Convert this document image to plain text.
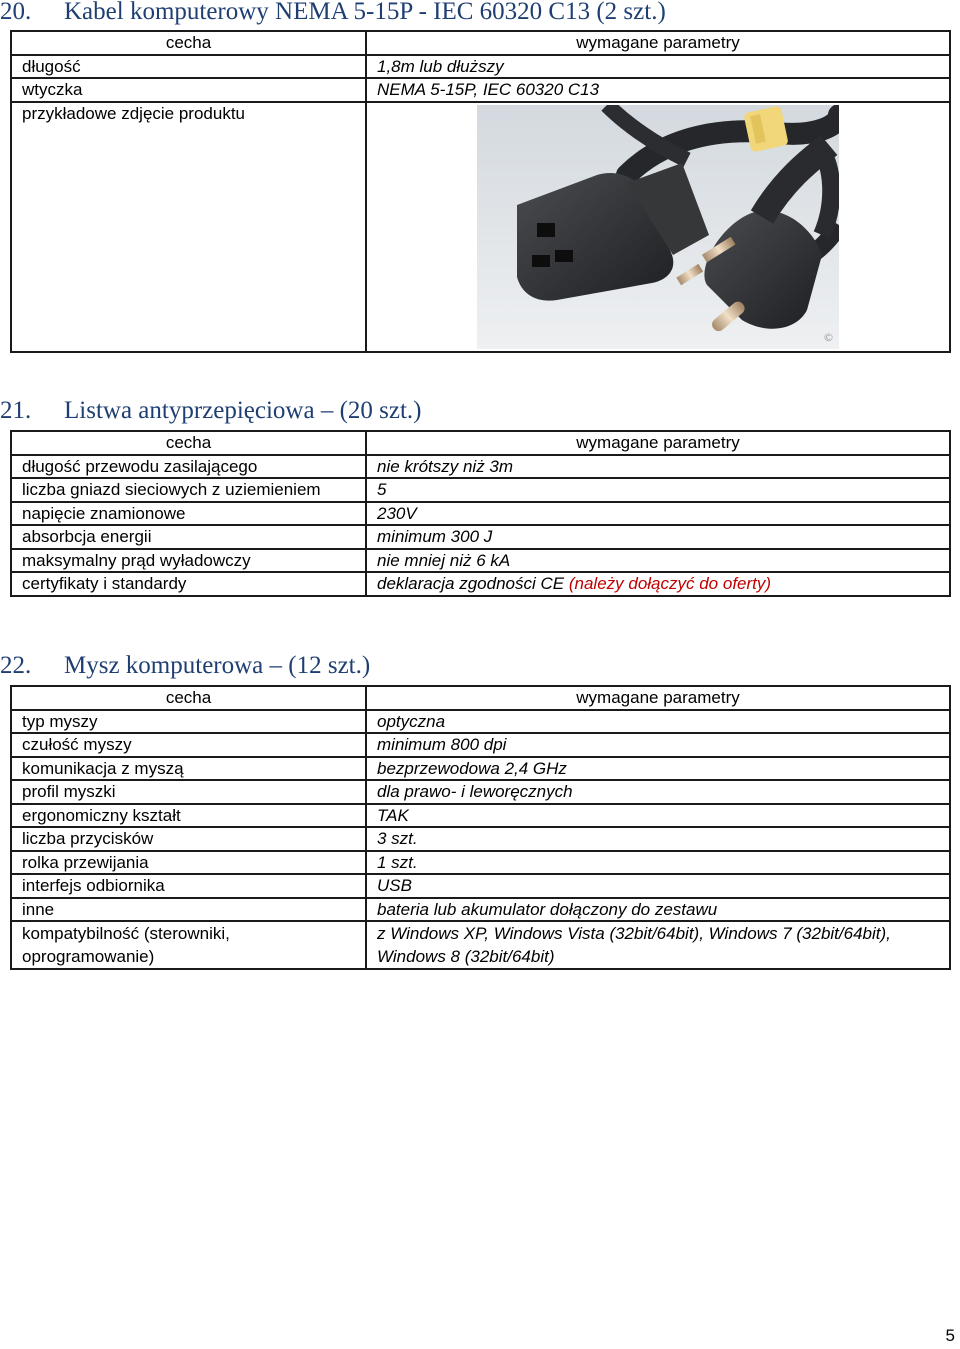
20. Kabel komputerowy NEMA 5-15P - IEC 60320 C13 (2 szt.)
cecha	wymagane parametry
długość	1,8m lub dłuższy
wtyczka	NEMA 5-15P, IEC 60320 C13
przykładowe zdjęcie produktu	©
21. Listwa antyprzepięciowa – (20 szt.)
cecha	wymagane parametry
długość przewodu zasilającego	nie krótszy niż 3m
liczba gniazd sieciowych z uziemieniem	5
napięcie znamionowe	230V
absorbcja energii	minimum 300 J
maksymalny prąd wyładowczy	nie mniej niż 6 kA
certyfikaty i standardy	deklaracja zgodności CE (należy dołączyć do oferty)
22. Mysz komputerowa – (12 szt.)
cecha	wymagane parametry
typ myszy	optyczna
czułość myszy	minimum 800 dpi
komunikacja z myszą	bezprzewodowa 2,4 GHz
profil myszki	dla prawo- i leworęcznych
ergonomiczny kształt	TAK
liczba przycisków	3 szt.
rolka przewijania	1 szt.
interfejs odbiornika	USB
inne	bateria lub akumulator dołączony do zestawu
kompatybilność (sterowniki, oprogramowanie)	z Windows XP, Windows Vista (32bit/64bit), Windows 7 (32bit/64bit), Windows 8 (32bit/64bit)
5
